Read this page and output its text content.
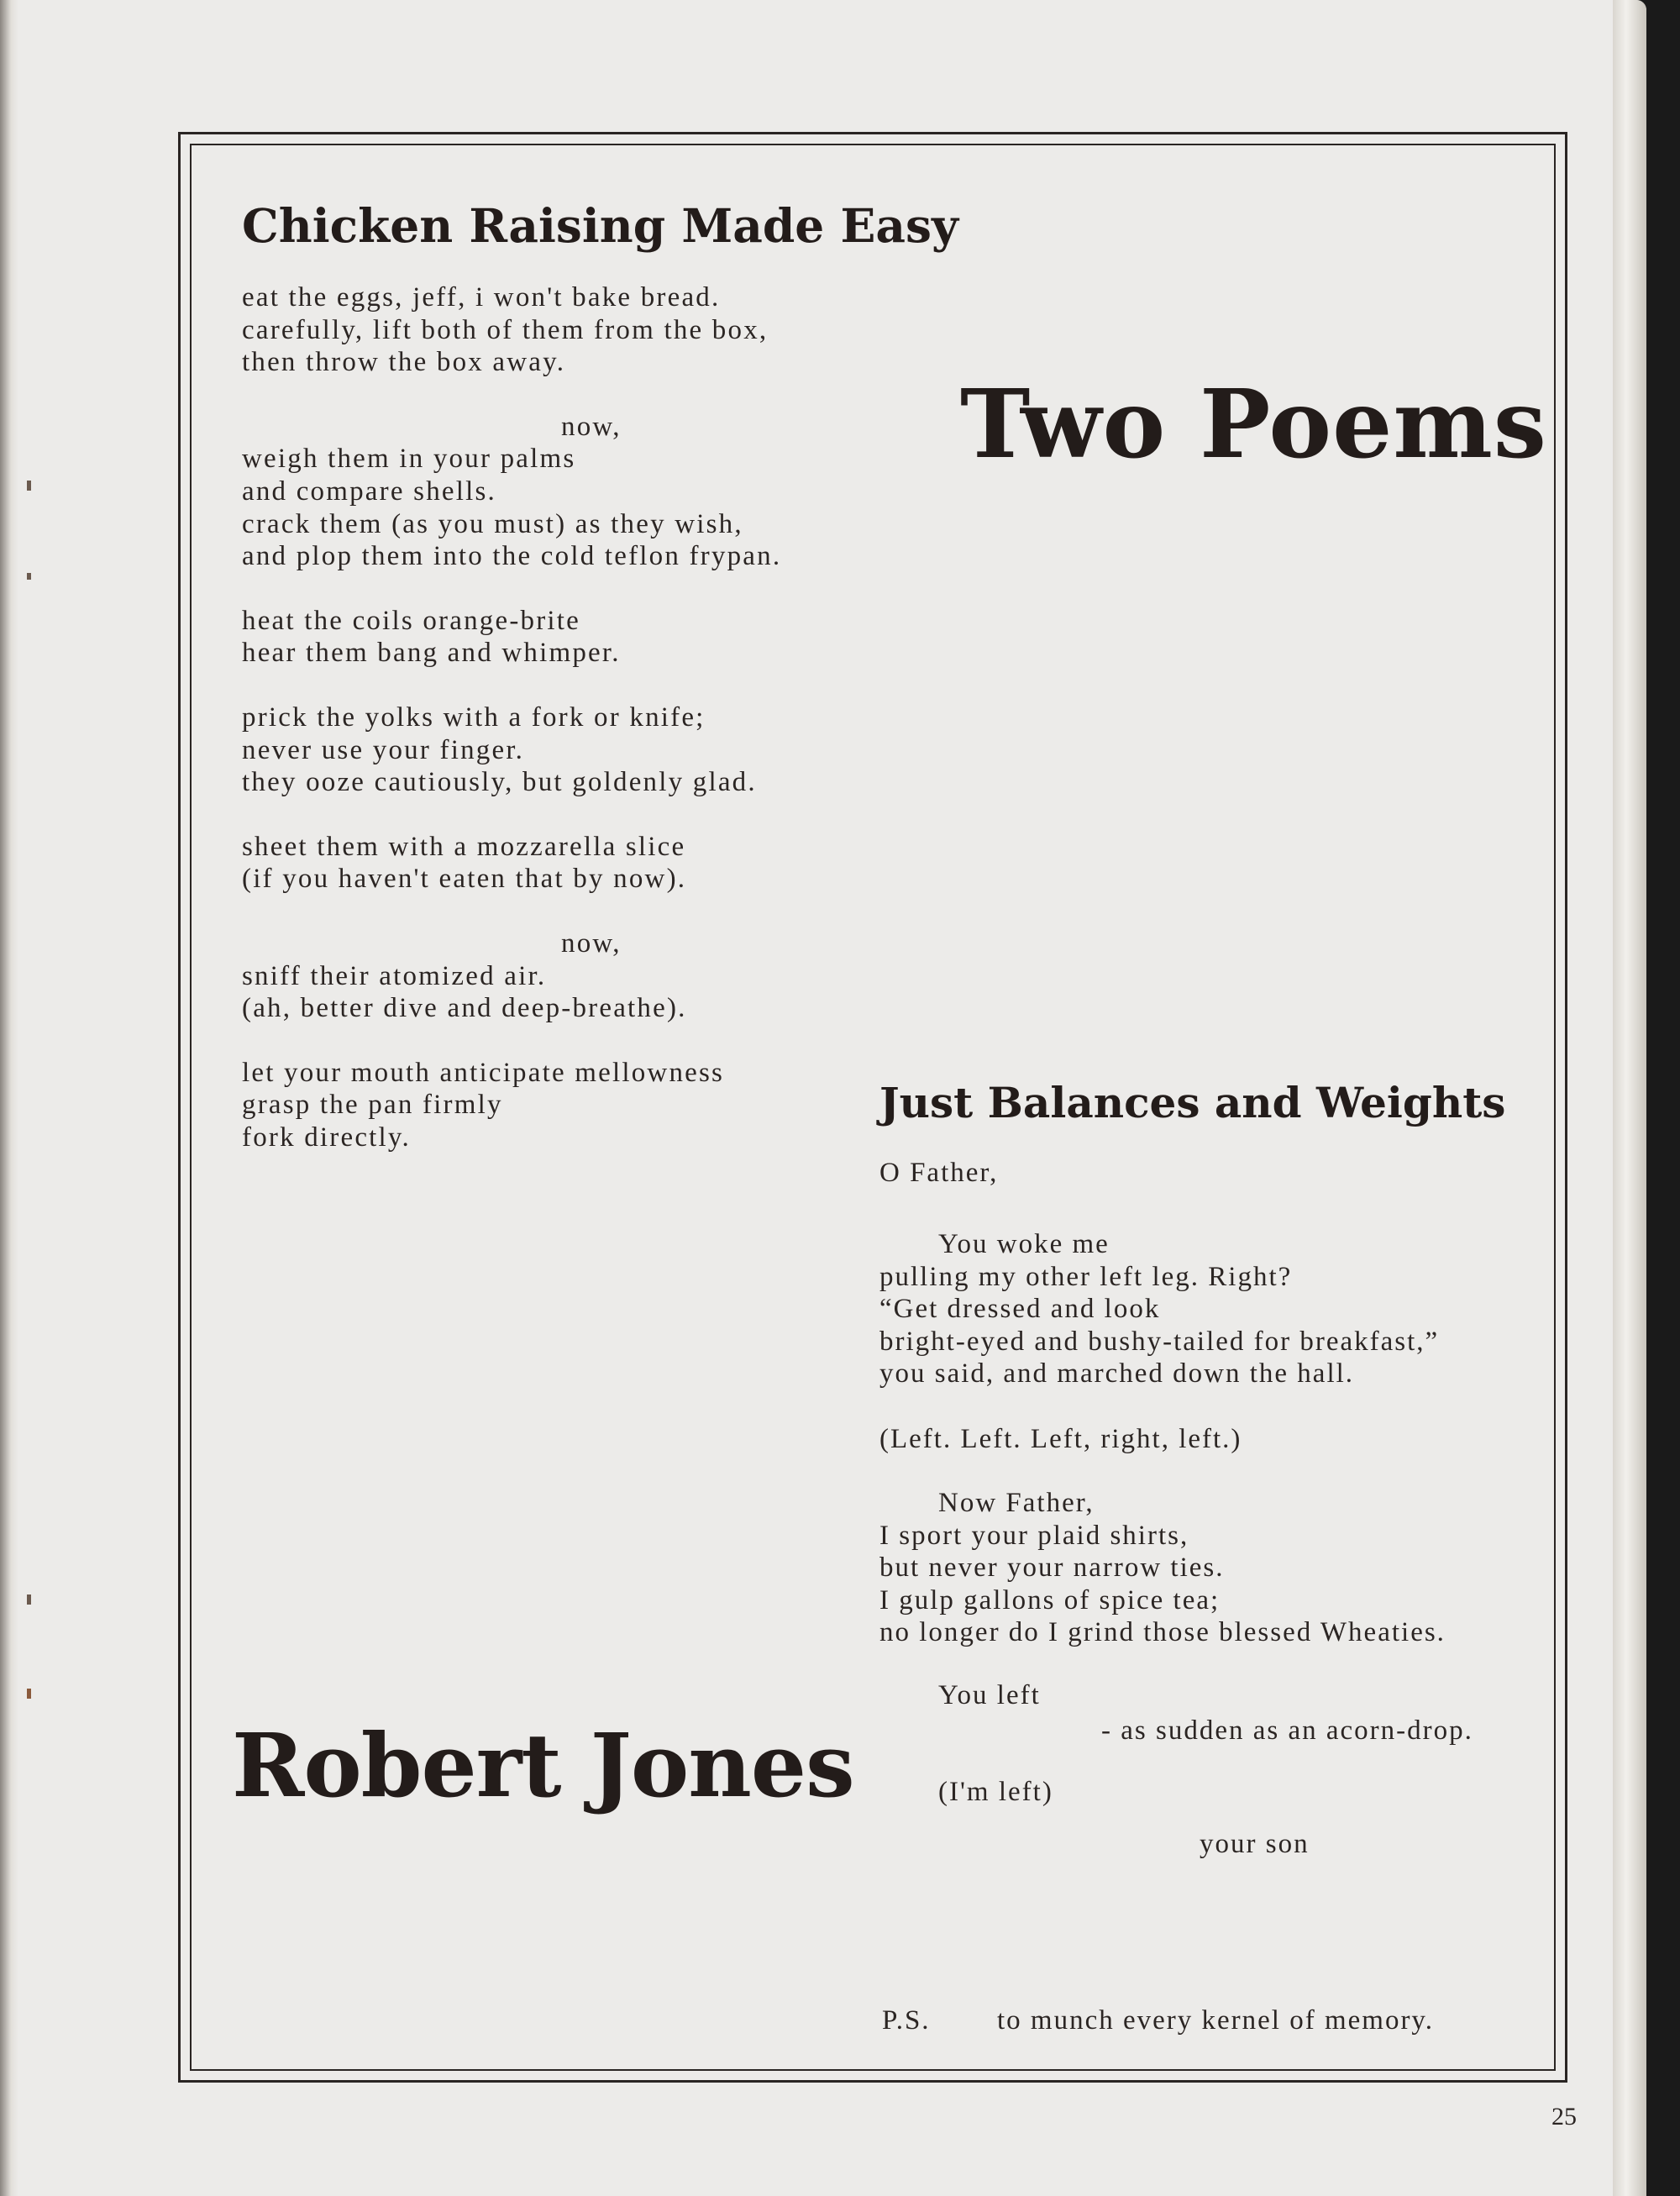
Chicken Raising Made Easy
eat the eggs, jeff, i won't bake bread.
carefully, lift both of them from the box,
then throw the box away.
now,
weigh them in your palms
and compare shells.
crack them (as you must) as they wish,
and plop them into the cold teflon frypan.
heat the coils orange-brite
hear them bang and whimper.
prick the yolks with a fork or knife;
never use your finger.
they ooze cautiously, but goldenly glad.
sheet them with a mozzarella slice
(if you haven't eaten that by now).
now,
sniff their atomized air.
(ah, better dive and deep-breathe).
let your mouth anticipate mellowness
grasp the pan firmly
fork directly.
Two Poems
Robert Jones
Just Balances and Weights
O Father,
You woke me
pulling my other left leg. Right?
“Get dressed and look
bright-eyed and bushy-tailed for breakfast,”
you said, and marched down the hall.
(Left. Left. Left, right, left.)
Now Father,
I sport your plaid shirts,
but never your narrow ties.
I gulp gallons of spice tea;
no longer do I grind those blessed Wheaties.
You left
- as sudden as an acorn-drop.
(I'm left)
your son
P.S. to munch every kernel of memory.
25
